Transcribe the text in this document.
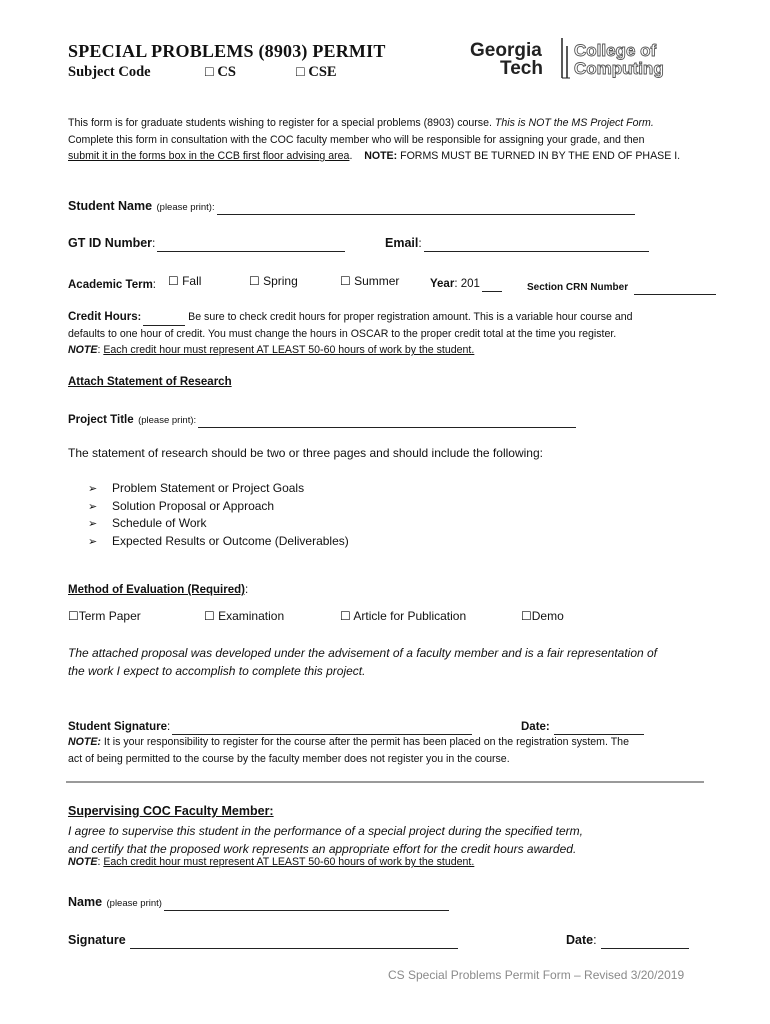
SPECIAL PROBLEMS (8903) PERMIT
Subject Code	□ CS	□ CSE
Georgia
Tech
College of
Computing
This form is for graduate students wishing to register for a special problems (8903) course. This is NOT the MS Project Form.
Complete this form in consultation with the COC faculty member who will be responsible for assigning your grade, and then
submit it in the forms box in the CCB first floor advising area. NOTE: FORMS MUST BE TURNED IN BY THE END OF PHASE I.
Student Name (please print):
GT ID Number:	Email:
Academic Term: ☐ Fall	☐ Spring	☐ Summer	Year: 201	Section CRN Number
Credit Hours:	Be sure to check credit hours for proper registration amount. This is a variable hour course and
defaults to one hour of credit. You must change the hours in OSCAR to the proper credit total at the time you register.
NOTE: Each credit hour must represent AT LEAST 50-60 hours of work by the student.
Attach Statement of Research
Project Title (please print):
The statement of research should be two or three pages and should include the following:
➢ Problem Statement or Project Goals
➢ Solution Proposal or Approach
➢ Schedule of Work
➢ Expected Results or Outcome (Deliverables)
Method of Evaluation (Required):
☐Term Paper	☐ Examination	☐ Article for Publication	☐Demo
The attached proposal was developed under the advisement of a faculty member and is a fair representation of
the work I expect to accomplish to complete this project.
Student Signature:	Date:
NOTE: It is your responsibility to register for the course after the permit has been placed on the registration system. The
act of being permitted to the course by the faculty member does not register you in the course.
Supervising COC Faculty Member:
I agree to supervise this student in the performance of a special project during the specified term,
and certify that the proposed work represents an appropriate effort for the credit hours awarded.
NOTE: Each credit hour must represent AT LEAST 50-60 hours of work by the student.
Name (please print)
Signature	Date:
CS Special Problems Permit Form – Revised 3/20/2019
